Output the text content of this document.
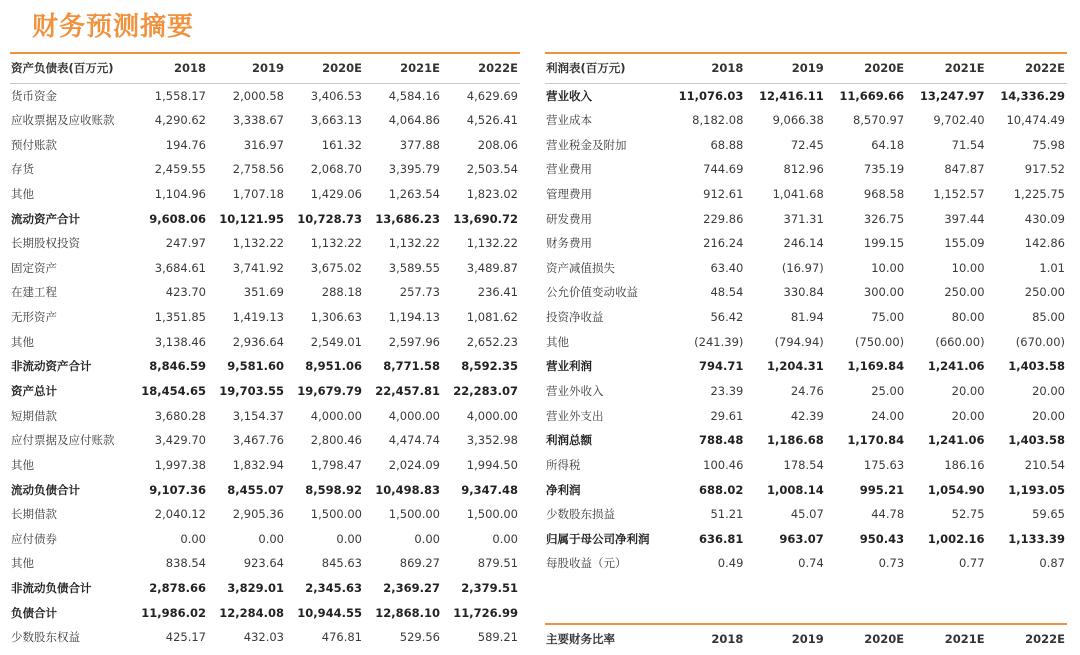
财务预测摘要
资产负债表(百万元)	2018	2019	2020E	2021E	2022E
货币资金	1,558.17	2,000.58	3,406.53	4,584.16	4,629.69
应收票据及应收账款	4,290.62	3,338.67	3,663.13	4,064.86	4,526.41
预付账款	194.76	316.97	161.32	377.88	208.06
存货	2,459.55	2,758.56	2,068.70	3,395.79	2,503.54
其他	1,104.96	1,707.18	1,429.06	1,263.54	1,823.02
流动资产合计	9,608.06	10,121.95	10,728.73	13,686.23	13,690.72
长期股权投资	247.97	1,132.22	1,132.22	1,132.22	1,132.22
固定资产	3,684.61	3,741.92	3,675.02	3,589.55	3,489.87
在建工程	423.70	351.69	288.18	257.73	236.41
无形资产	1,351.85	1,419.13	1,306.63	1,194.13	1,081.62
其他	3,138.46	2,936.64	2,549.01	2,597.96	2,652.23
非流动资产合计	8,846.59	9,581.60	8,951.06	8,771.58	8,592.35
资产总计	18,454.65	19,703.55	19,679.79	22,457.81	22,283.07
短期借款	3,680.28	3,154.37	4,000.00	4,000.00	4,000.00
应付票据及应付账款	3,429.70	3,467.76	2,800.46	4,474.74	3,352.98
其他	1,997.38	1,832.94	1,798.47	2,024.09	1,994.50
流动负债合计	9,107.36	8,455.07	8,598.92	10,498.83	9,347.48
长期借款	2,040.12	2,905.36	1,500.00	1,500.00	1,500.00
应付债券	0.00	0.00	0.00	0.00	0.00
其他	838.54	923.64	845.63	869.27	879.51
非流动负债合计	2,878.66	3,829.01	2,345.63	2,369.27	2,379.51
负债合计	11,986.02	12,284.08	10,944.55	12,868.10	11,726.99
少数股东权益	425.17	432.03	476.81	529.56	589.21
利润表(百万元)	2018	2019	2020E	2021E	2022E
营业收入	11,076.03	12,416.11	11,669.66	13,247.97	14,336.29
营业成本	8,182.08	9,066.38	8,570.97	9,702.40	10,474.49
营业税金及附加	68.88	72.45	64.18	71.54	75.98
营业费用	744.69	812.96	735.19	847.87	917.52
管理费用	912.61	1,041.68	968.58	1,152.57	1,225.75
研发费用	229.86	371.31	326.75	397.44	430.09
财务费用	216.24	246.14	199.15	155.09	142.86
资产减值损失	63.40	(16.97)	10.00	10.00	1.01
公允价值变动收益	48.54	330.84	300.00	250.00	250.00
投资净收益	56.42	81.94	75.00	80.00	85.00
其他	(241.39)	(794.94)	(750.00)	(660.00)	(670.00)
营业利润	794.71	1,204.31	1,169.84	1,241.06	1,403.58
营业外收入	23.39	24.76	25.00	20.00	20.00
营业外支出	29.61	42.39	24.00	20.00	20.00
利润总额	788.48	1,186.68	1,170.84	1,241.06	1,403.58
所得税	100.46	178.54	175.63	186.16	210.54
净利润	688.02	1,008.14	995.21	1,054.90	1,193.05
少数股东损益	51.21	45.07	44.78	52.75	59.65
归属于母公司净利润	636.81	963.07	950.43	1,002.16	1,133.39
每股收益（元）	0.49	0.74	0.73	0.77	0.87
主要财务比率	2018	2019	2020E	2021E	2022E
